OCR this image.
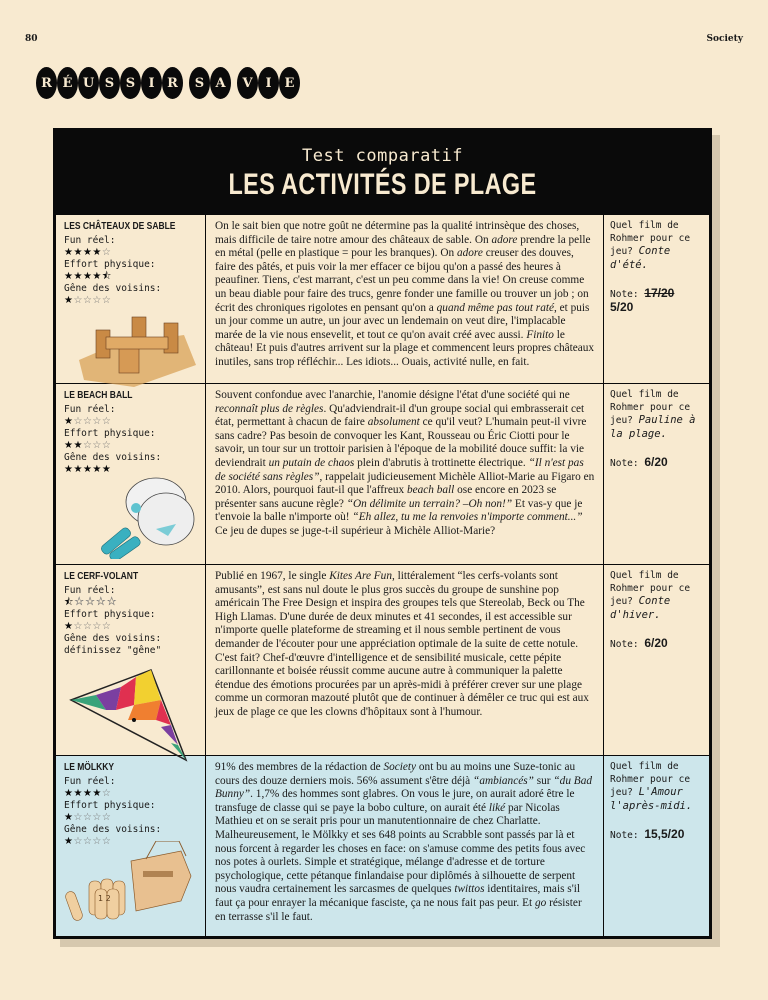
80	Society
R É U S S	I R	S A	V I E
Test comparatif
LES ACTIVITÉS DE PLAGE
LES CHÂTEAUX DE SABLE
Fun réel:
★★★★☆
Effort physique:
★★★★⯪
Gêne des voisins:
★☆☆☆☆

On le sait bien que notre goût ne détermine pas la qualité intrinsèque des choses, mais difficile de taire notre amour des châteaux de sable. On adore prendre la pelle en métal (pelle en plastique = pour les branques). On adore creuser des douves, faire des pâtés, et puis voir la mer effacer ce bijou qu'on a passé des heures à peaufiner. Tiens, c'est marrant, c'est un peu comme dans la vie! On creuse comme un beau diable pour faire des trucs, genre fonder une famille ou trouver un job ; on écrit des chroniques rigolotes en pensant qu'on a quand même pas tout raté, et puis un jour comme un autre, un jour avec un lendemain on veut dire, l'implacable marée de la vie nous ensevelit, et tout ce qu'on avait créé avec aussi. Finito le château! Et puis d'autres arrivent sur la plage et commencent leurs propres châteaux inutiles, sans trop réfléchir... Les idiots... Ouais, activité nulle, en fait.

Quel film de Rohmer pour ce jeu? Conte d'été.
Note: 17/20 5/20
LE BEACH BALL
Fun réel:
★☆☆☆☆
Effort physique:
★★☆☆☆
Gêne des voisins:
★★★★★

Souvent confondue avec l'anarchie, l'anomie désigne l'état d'une société qui ne reconnaît plus de règles. Qu'adviendrait-il d'un groupe social qui embrasserait cet état, permettant à chacun de faire absolument ce qu'il veut? L'humain peut-il vivre sans cadre? Pas besoin de convoquer les Kant, Rousseau ou Éric Ciotti pour le savoir, un tour sur un trottoir parisien à l'époque de la mobilité douce suffit: la vie deviendrait un putain de chaos plein d'abrutis à trottinette électrique. “Il n'est pas de société sans règles”, rappelait judicieusement Michèle Alliot-Marie au Figaro en 2010. Alors, pourquoi faut-il que l'affreux beach ball ose encore en 2023 se présenter sans aucune règle? “On délimite un terrain? –Oh non!” Et vas-y que je t'envoie la balle n'importe où! “Eh allez, tu me la renvoies n'importe comment...” Ce jeu de dupes se juge-t-il supérieur à Michèle Alliot-Marie?

Quel film de Rohmer pour ce jeu? Pauline à la plage.
Note: 6/20
LE CERF-VOLANT
Fun réel:
⯪☆☆☆☆
Effort physique:
★☆☆☆☆
Gêne des voisins:
définissez "gêne"

Publié en 1967, le single Kites Are Fun, littéralement “les cerfs-volants sont amusants”, est sans nul doute le plus gros succès du groupe de sunshine pop américain The Free Design et inspira des groupes tels que Stereolab, Beck ou The High Llamas. D'une durée de deux minutes et 41 secondes, il est accessible sur n'importe quelle plateforme de streaming et il nous semble pertinent de vous demander de l'écouter pour une appréciation optimale de la suite de cette notule. C'est fait? Chef-d'œuvre d'intelligence et de sensibilité musicale, cette pépite carillonnante et boisée réussit comme aucune autre à communiquer la palette étendue des émotions procurées par un après-midi à préférer crever sur une plage comme un cormoran mazouté plutôt que de continuer à démêler ce truc qui est aux jeux de plage ce que les clowns d'hôpitaux sont à l'humour.

Quel film de Rohmer pour ce jeu? Conte d'hiver.
Note: 6/20
LE MÖLKKY
Fun réel:
★★★★☆
Effort physique:
★☆☆☆☆
Gêne des voisins:
★☆☆☆☆
1 2

91% des membres de la rédaction de Society ont bu au moins une Suze-tonic au cours des douze derniers mois. 56% assument s'être déjà “ambiancés” sur “du Bad Bunny”. 1,7% des hommes sont glabres. On vous le jure, on aurait adoré être le transfuge de classe qui se paye la bobo culture, on aurait été liké par Nicolas Mathieu et on se serait pris pour un manutentionnaire de chez Charlatte. Malheureusement, le Mölkky et ses 648 points au Scrabble sont passés par là et nous forcent à regarder les choses en face: on s'amuse comme des petits fous avec nos potes à ourlets. Simple et stratégique, mélange d'adresse et de torture psychologique, cette pétanque finlandaise pour diplômés à silhouette de serpent nous vaudra certainement les sarcasmes de quelques twittos identitaires, mais s'il faut ça pour enrayer la mécanique fasciste, ça ne nous fait pas peur. Et go résister en terrasse s'il le faut.

Quel film de Rohmer pour ce jeu? L'Amour l'après-midi.
Note: 15,5/20
